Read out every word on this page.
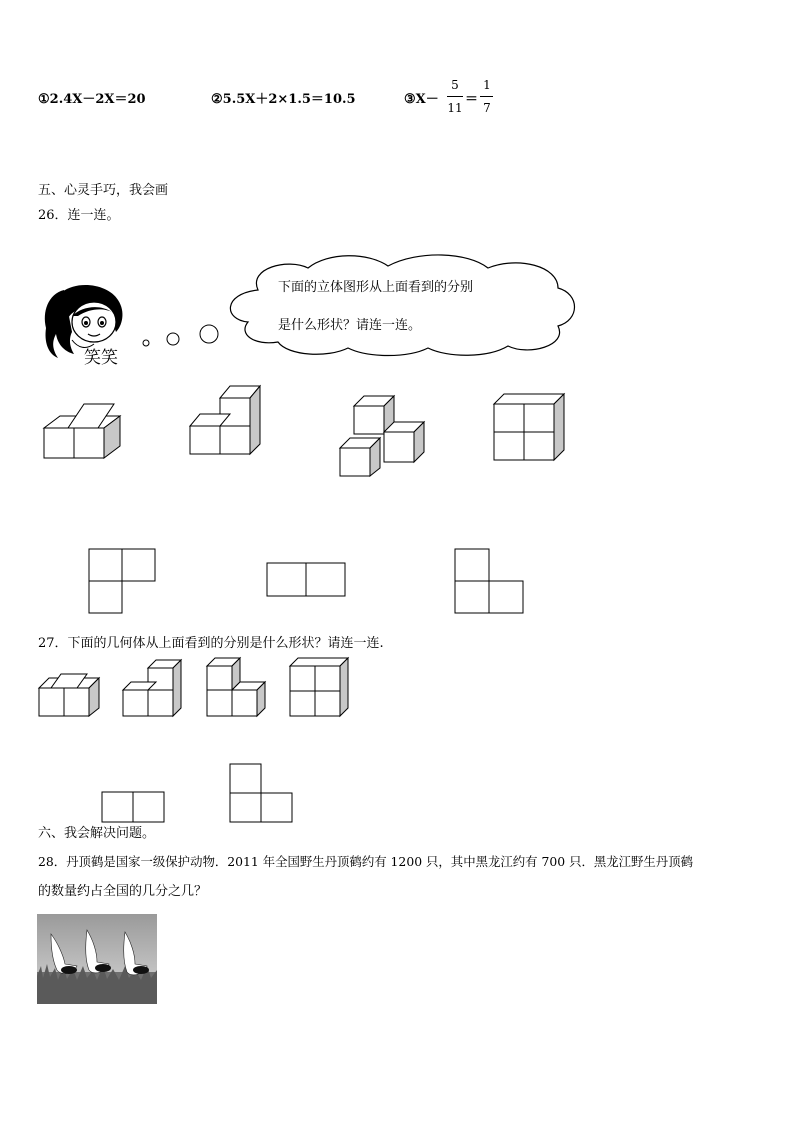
①2.4X－2X＝20	②5.5X＋2×1.5＝10.5	③X－
5
11
＝
1
7
五、心灵手巧，我会画
26．连一连。
笑笑
下面的立体图形从上面看到的分别
是什么形状？请连一连。
27．下面的几何体从上面看到的分别是什么形状？请连一连.
六、我会解决问题。
28．丹顶鹤是国家一级保护动物．2011 年全国野生丹顶鹤约有 1200 只，其中黑龙江约有 700 只．黑龙江野生丹顶鹤
的数量约占全国的几分之几？
